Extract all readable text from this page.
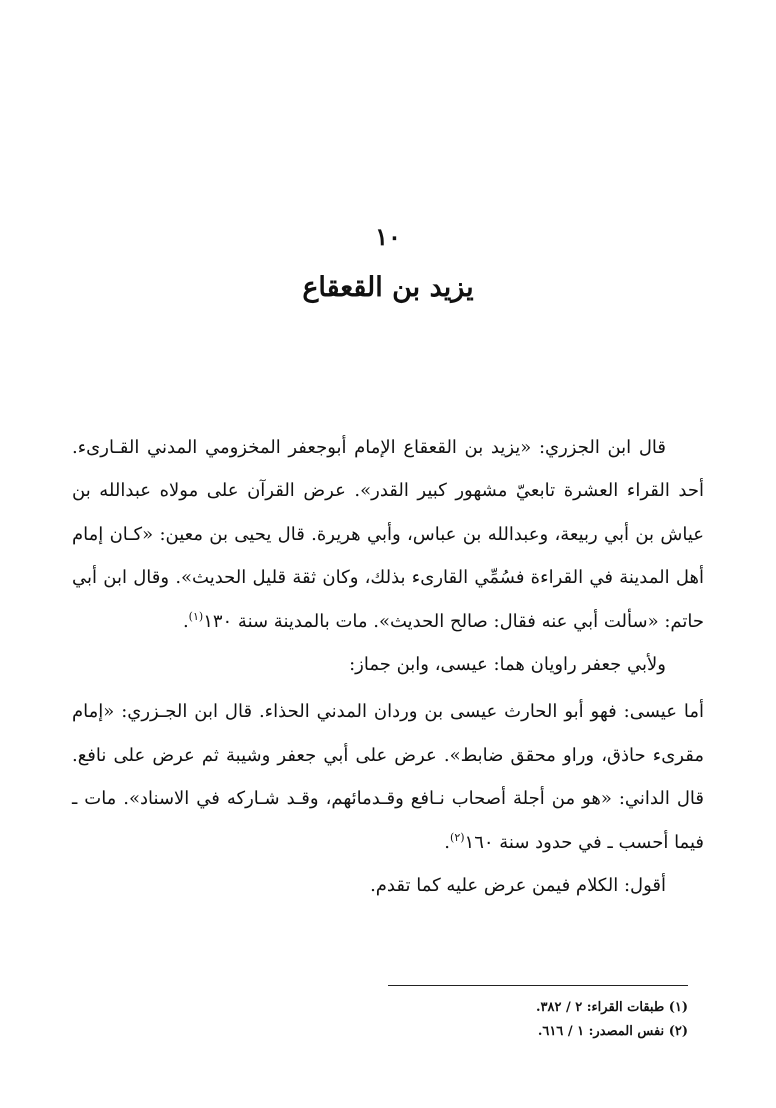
١٠
يزيد بن القعقاع

قال ابن الجزري: «يزيد بن القعقاع الإمام أبوجعفر المخزومي المدني القـارىء. أحد القراء العشرة تابعيّ مشهور كبير القدر». عرض القرآن على مولاه عبدالله بن عياش بن أبي ربيعة، وعبدالله بن عباس، وأبي هريرة. قال يحيى بن معين: «كـان إمام أهل المدينة في القراءة فسُمِّي القارىء بذلك، وكان ثقة قليل الحديث». وقال ابن أبي حاتم: «سألت أبي عنه فقال: صالح الحديث». مات بالمدينة سنة ١٣٠$^{(١)}$.

ولأبي جعفر راويان هما: عيسى، وابن جماز:

أما عيسى: فهو أبو الحارث عيسى بن وردان المدني الحذاء. قال ابن الجـزري: «إمام مقرىء حاذق، وراو محقق ضابط». عرض على أبي جعفر وشيبة ثم عرض على نافع. قال الداني: «هو من أجلة أصحاب نـافع وقـدمائهم، وقـد شـاركه في الاسناد». مات ـ فيما أحسب ـ في حدود سنة ١٦٠$^{(٢)}$.

أقول: الكلام فيمن عرض عليه كما تقدم.

(١) طبقات القراء: ٢ / ٣٨٢.
(٢) نفس المصدر: ١ / ٦١٦.
